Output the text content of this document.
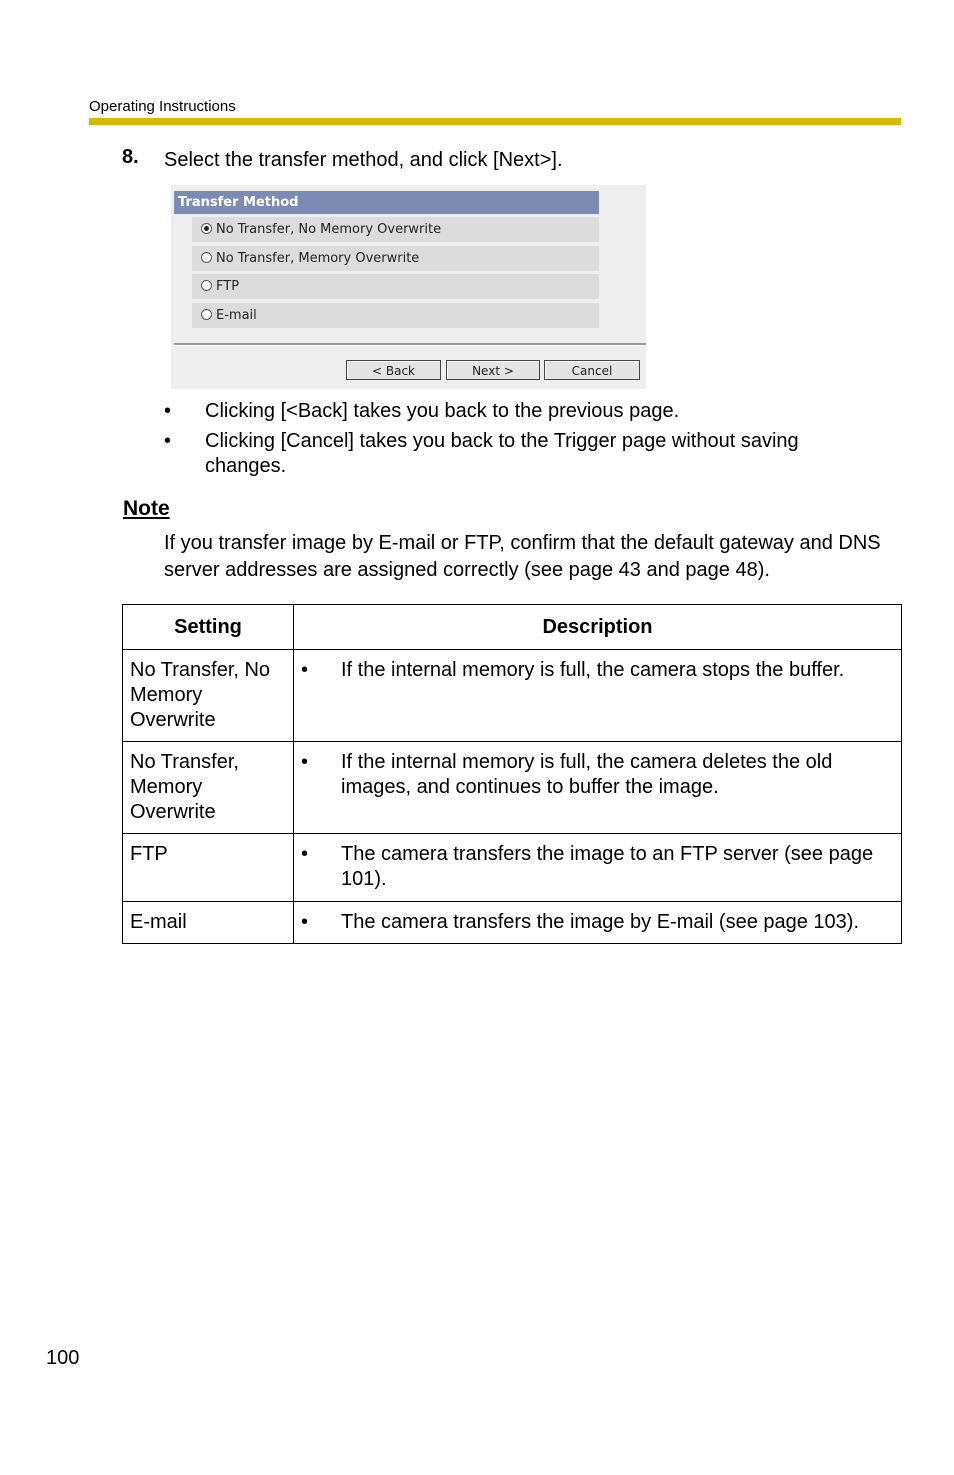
Operating Instructions
8. Select the transfer method, and click [Next>].
Transfer Method
No Transfer, No Memory Overwrite
No Transfer, Memory Overwrite
FTP
E-mail
< Back	Next >	Cancel
• Clicking [<Back] takes you back to the previous page.
• Clicking [Cancel] takes you back to the Trigger page without saving changes.
Note
If you transfer image by E-mail or FTP, confirm that the default gateway and DNS server addresses are assigned correctly (see page 43 and page 48).
Setting	Description
No Transfer, No Memory Overwrite	• If the internal memory is full, the camera stops the buffer.

No Transfer, Memory Overwrite	• If the internal memory is full, the camera deletes the old images, and continues to buffer the image.

FTP	• The camera transfers the image to an FTP server (see page 101).

E-mail	• The camera transfers the image by E-mail (see page 103).
100
